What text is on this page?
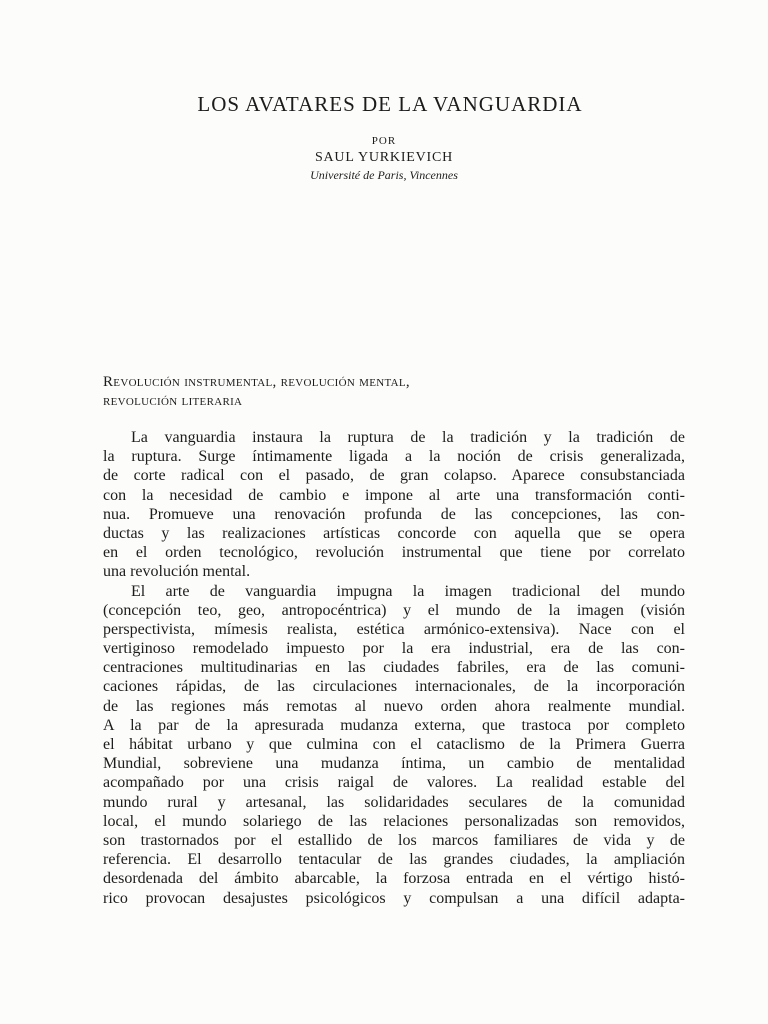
LOS AVATARES DE LA VANGUARDIA
POR
SAUL YURKIEVICH
Université de Paris, Vincennes
Revolución instrumental, revolución mental,
revolución literaria
La vanguardia instaura la ruptura de la tradición y la tradición de
la ruptura. Surge íntimamente ligada a la noción de crisis generalizada,
de corte radical con el pasado, de gran colapso. Aparece consubstanciada
con la necesidad de cambio e impone al arte una transformación conti-
nua. Promueve una renovación profunda de las concepciones, las con-
ductas y las realizaciones artísticas concorde con aquella que se opera
en el orden tecnológico, revolución instrumental que tiene por correlato
una revolución mental.
El arte de vanguardia impugna la imagen tradicional del mundo
(concepción teo, geo, antropocéntrica) y el mundo de la imagen (visión
perspectivista, mímesis realista, estética armónico-extensiva). Nace con el
vertiginoso remodelado impuesto por la era industrial, era de las con-
centraciones multitudinarias en las ciudades fabriles, era de las comuni-
caciones rápidas, de las circulaciones internacionales, de la incorporación
de las regiones más remotas al nuevo orden ahora realmente mundial.
A la par de la apresurada mudanza externa, que trastoca por completo
el hábitat urbano y que culmina con el cataclismo de la Primera Guerra
Mundial, sobreviene una mudanza íntima, un cambio de mentalidad
acompañado por una crisis raigal de valores. La realidad estable del
mundo rural y artesanal, las solidaridades seculares de la comunidad
local, el mundo solariego de las relaciones personalizadas son removidos,
son trastornados por el estallido de los marcos familiares de vida y de
referencia. El desarrollo tentacular de las grandes ciudades, la ampliación
desordenada del ámbito abarcable, la forzosa entrada en el vértigo histó-
rico provocan desajustes psicológicos y compulsan a una difícil adapta-
